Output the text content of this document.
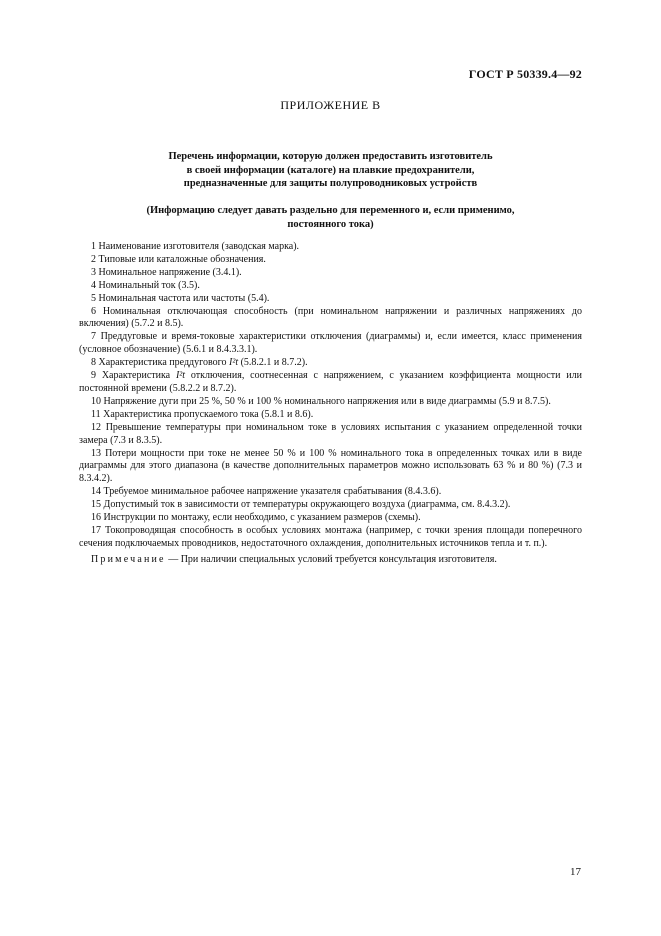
ГОСТ Р 50339.4—92
ПРИЛОЖЕНИЕ В
Перечень информации, которую должен предоставить изготовитель
в своей информации (каталоге) на плавкие предохранители,
предназначенные для защиты полупроводниковых устройств
(Информацию следует давать раздельно для переменного и, если применимо,
постоянного тока)

1 Наименование изготовителя (заводская марка).

2 Типовые или каталожные обозначения.

3 Номинальное напряжение (3.4.1).

4 Номинальный ток (3.5).

5 Номинальная частота или частоты (5.4).

6 Номинальная отключающая способность (при номинальном напряжении и различных напряжениях до включения) (5.7.2 и 8.5).

7 Преддуговые и время-токовые характеристики отключения (диаграммы) и, если имеется, класс применения (условное обозначение) (5.6.1 и 8.4.3.3.1).

8 Характеристика преддугового I²t (5.8.2.1 и 8.7.2).

9 Характеристика I²t отключения, соотнесенная с напряжением, с указанием коэффициента мощности или постоянной времени (5.8.2.2 и 8.7.2).

10 Напряжение дуги при 25 %, 50 % и 100 % номинального напряжения или в виде диаграммы (5.9 и 8.7.5).

11 Характеристика пропускаемого тока (5.8.1 и 8.6).

12 Превышение температуры при номинальном токе в условиях испытания с указанием определенной точки замера (7.3 и 8.3.5).

13 Потери мощности при токе не менее 50 % и 100 % номинального тока в определенных точках или в виде диаграммы для этого диапазона (в качестве дополнительных параметров можно использовать 63 % и 80 %) (7.3 и 8.3.4.2).

14 Требуемое минимальное рабочее напряжение указателя срабатывания (8.4.3.6).

15 Допустимый ток в зависимости от температуры окружающего воздуха (диаграмма, см. 8.4.3.2).

16 Инструкции по монтажу, если необходимо, с указанием размеров (схемы).

17 Токопроводящая способность в особых условиях монтажа (например, с точки зрения площади поперечного сечения подключаемых проводников, недостаточного охлаждения, дополнительных источников тепла и т. п.).

Примечание — При наличии специальных условий требуется консультация изготовителя.
17
